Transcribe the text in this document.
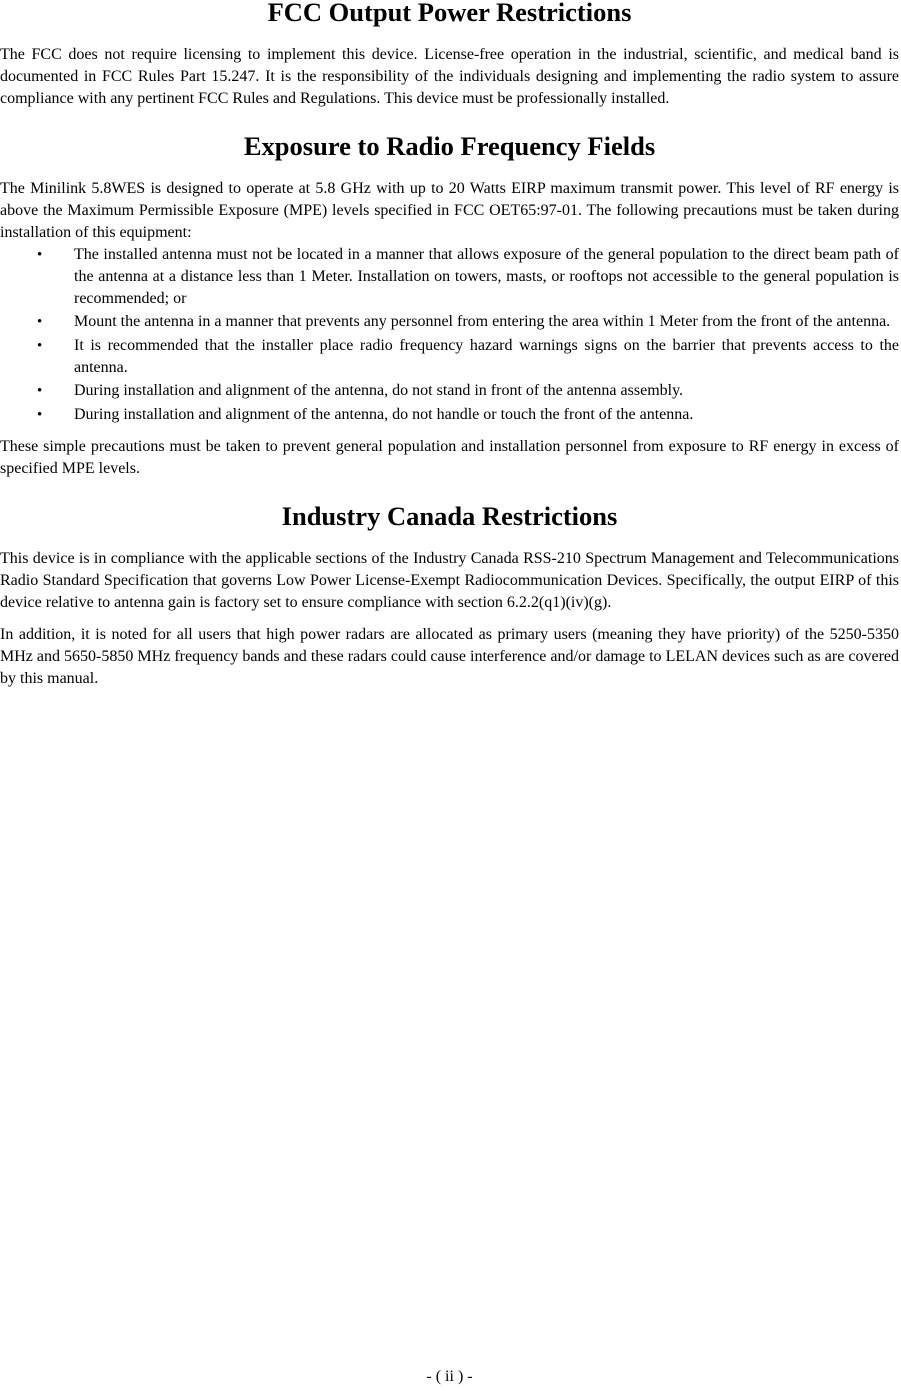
FCC Output Power Restrictions

The FCC does not require licensing to implement this device. License-free operation in the industrial, scientific, and medical band is documented in FCC Rules Part 15.247. It is the responsibility of the individuals designing and implementing the radio system to assure compliance with any pertinent FCC Rules and Regulations. This device must be professionally installed.

Exposure to Radio Frequency Fields

The Minilink 5.8WES is designed to operate at 5.8 GHz with up to 20 Watts EIRP maximum transmit power. This level of RF energy is above the Maximum Permissible Exposure (MPE) levels specified in FCC OET65:97-01. The following precautions must be taken during installation of this equipment:

• The installed antenna must not be located in a manner that allows exposure of the general population to the direct beam path of the antenna at a distance less than 1 Meter. Installation on towers, masts, or rooftops not accessible to the general population is recommended; or
• Mount the antenna in a manner that prevents any personnel from entering the area within 1 Meter from the front of the antenna.
• It is recommended that the installer place radio frequency hazard warnings signs on the barrier that prevents access to the antenna.
• During installation and alignment of the antenna, do not stand in front of the antenna assembly.
• During installation and alignment of the antenna, do not handle or touch the front of the antenna.

These simple precautions must be taken to prevent general population and installation personnel from exposure to RF energy in excess of specified MPE levels.

Industry Canada Restrictions

This device is in compliance with the applicable sections of the Industry Canada RSS-210 Spectrum Management and Telecommunications Radio Standard Specification that governs Low Power License-Exempt Radiocommunication Devices. Specifically, the output EIRP of this device relative to antenna gain is factory set to ensure compliance with section 6.2.2(q1)(iv)(g).

In addition, it is noted for all users that high power radars are allocated as primary users (meaning they have priority) of the 5250-5350 MHz and 5650-5850 MHz frequency bands and these radars could cause interference and/or damage to LELAN devices such as are covered by this manual.

- ( ii ) -
